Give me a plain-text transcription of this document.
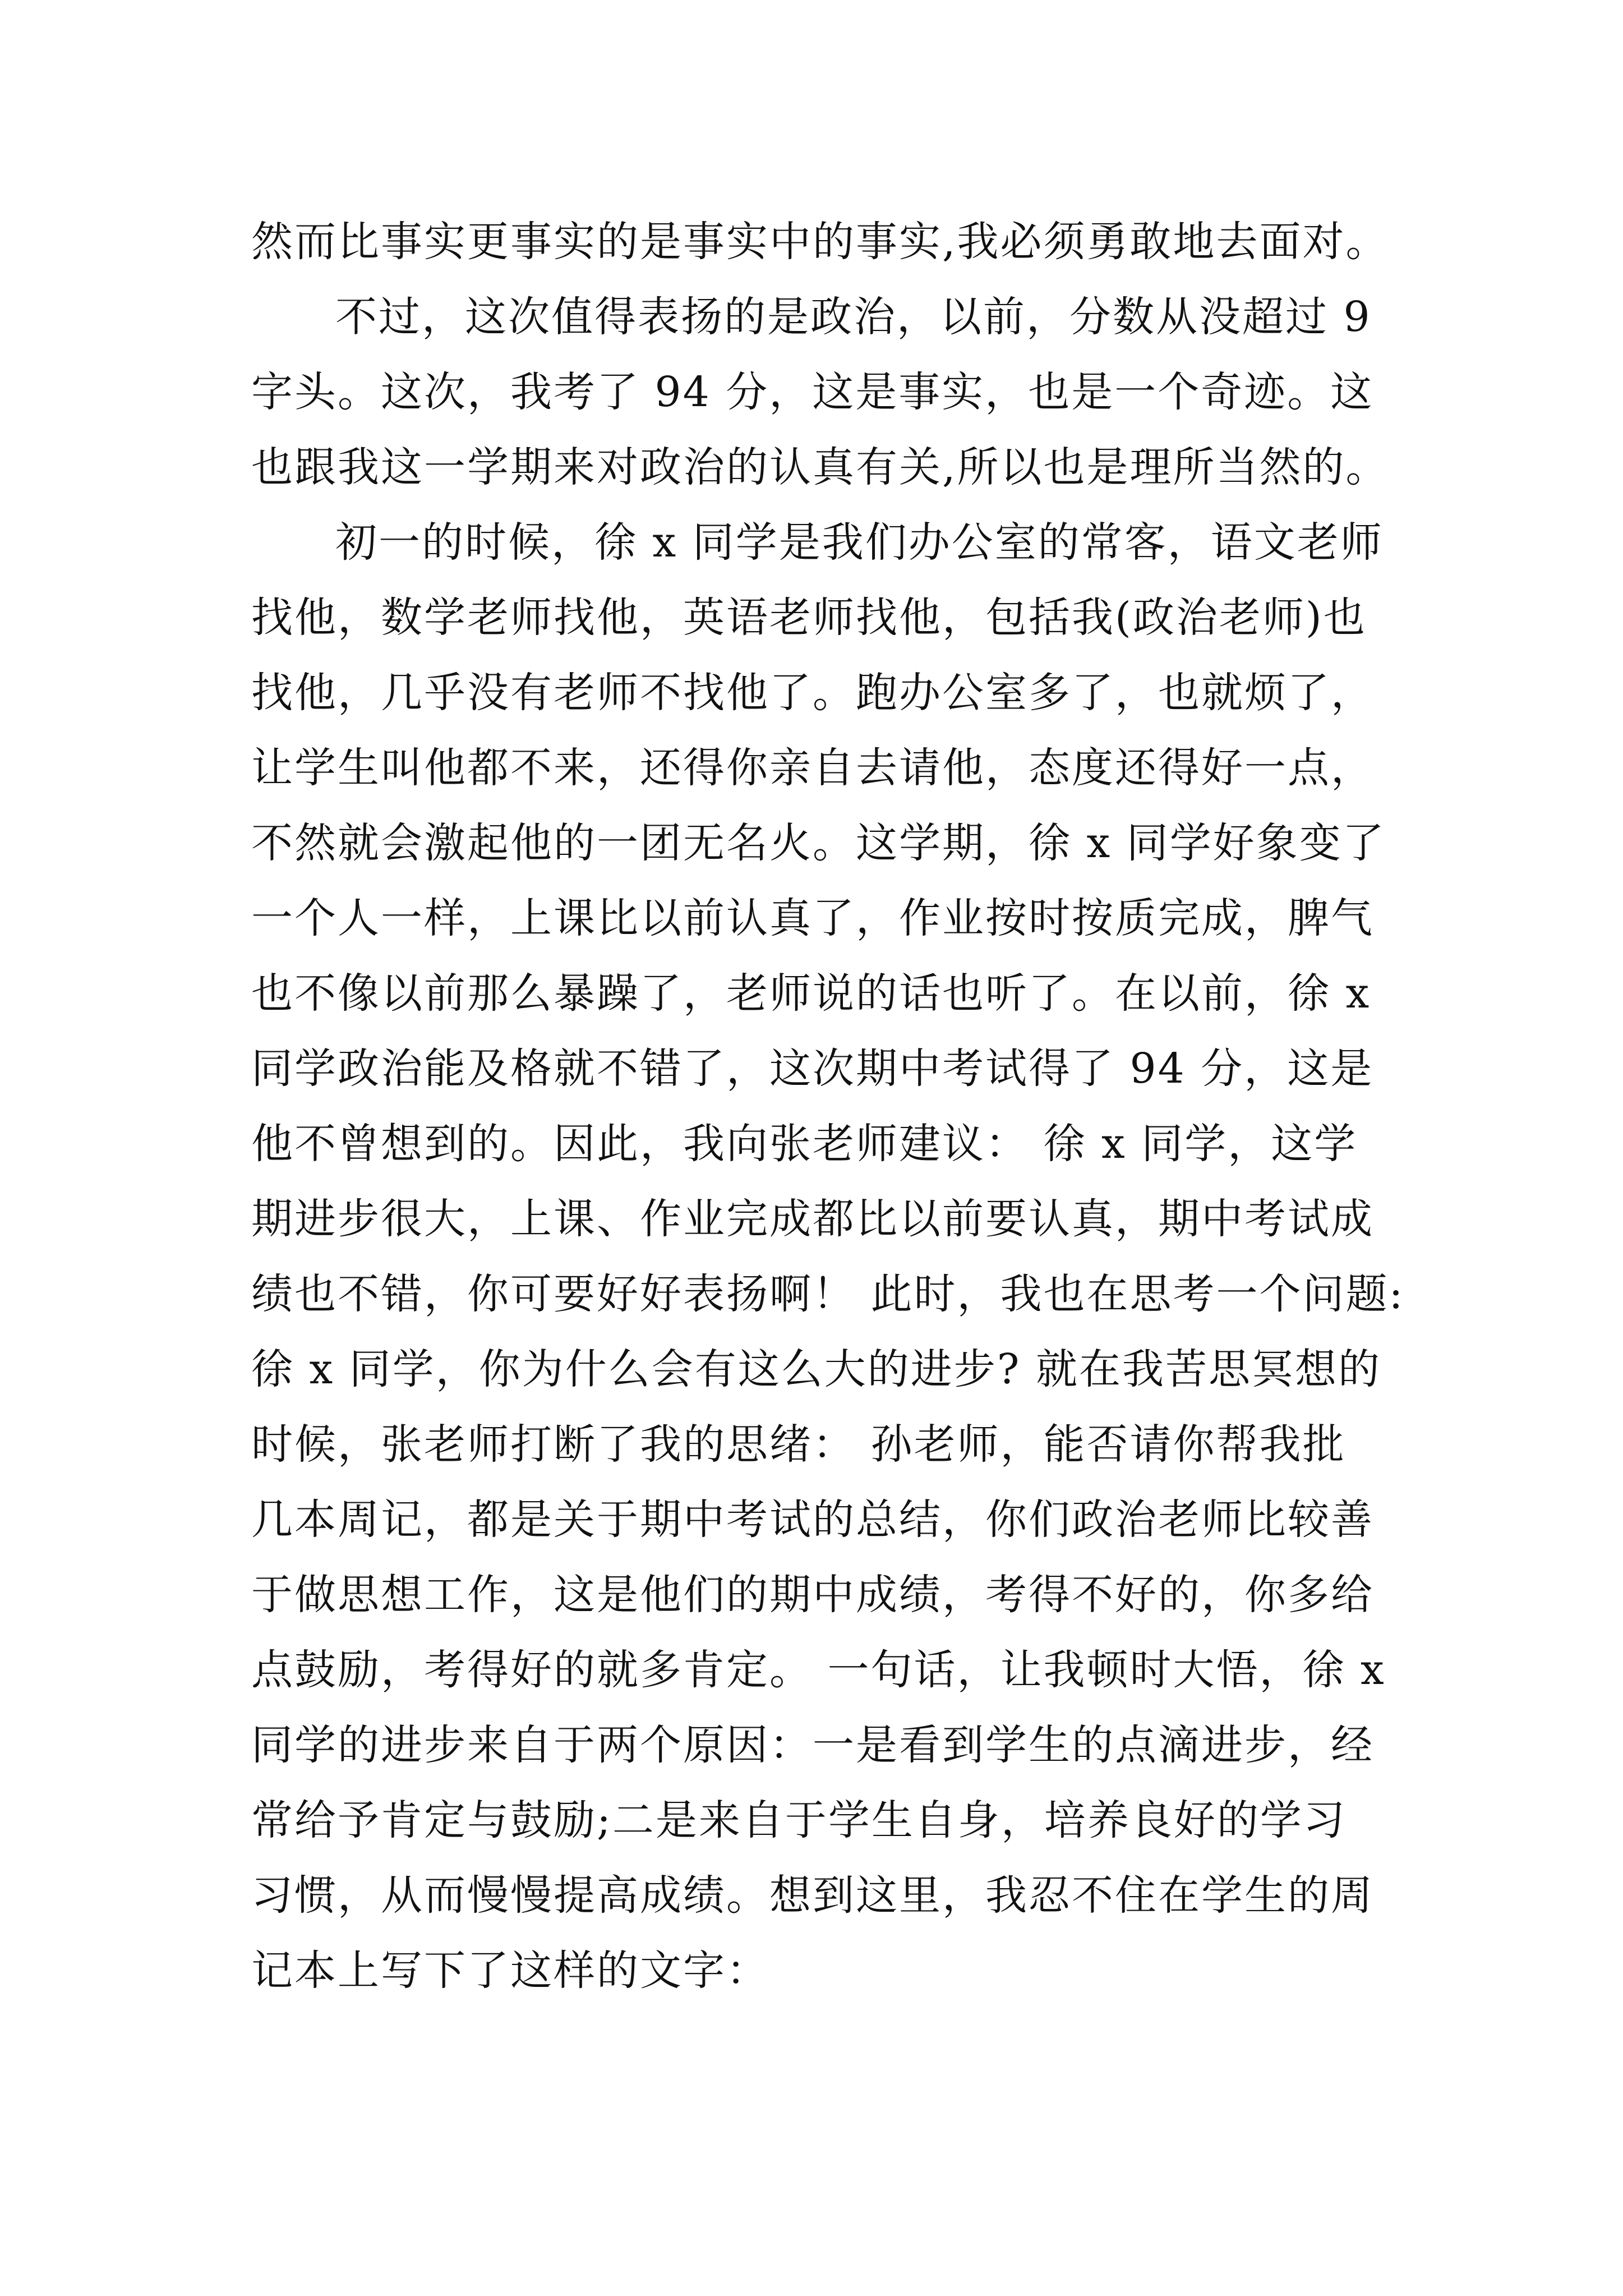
然而比事实更事实的是事实中的事实,我必须勇敢地去面对。
不过，这次值得表扬的是政治，以前，分数从没超过 9
字头。这次，我考了 94 分，这是事实，也是一个奇迹。这
也跟我这一学期来对政治的认真有关,所以也是理所当然的。
初一的时候，徐 x 同学是我们办公室的常客，语文老师
找他，数学老师找他，英语老师找他，包括我(政治老师)也
找他，几乎没有老师不找他了。跑办公室多了，也就烦了，
让学生叫他都不来，还得你亲自去请他，态度还得好一点，
不然就会激起他的一团无名火。这学期，徐 x 同学好象变了
一个人一样，上课比以前认真了，作业按时按质完成，脾气
也不像以前那么暴躁了，老师说的话也听了。在以前，徐 x
同学政治能及格就不错了，这次期中考试得了 94 分，这是
他不曾想到的。因此，我向张老师建议： 徐 x 同学，这学
期进步很大，上课、作业完成都比以前要认真，期中考试成
绩也不错，你可要好好表扬啊！ 此时，我也在思考一个问题:
徐 x 同学，你为什么会有这么大的进步? 就在我苦思冥想的
时候，张老师打断了我的思绪： 孙老师，能否请你帮我批
几本周记，都是关于期中考试的总结，你们政治老师比较善
于做思想工作，这是他们的期中成绩，考得不好的，你多给
点鼓励，考得好的就多肯定。 一句话，让我顿时大悟，徐 x
同学的进步来自于两个原因：一是看到学生的点滴进步，经
常给予肯定与鼓励;二是来自于学生自身，培养良好的学习
习惯，从而慢慢提高成绩。想到这里，我忍不住在学生的周
记本上写下了这样的文字：
